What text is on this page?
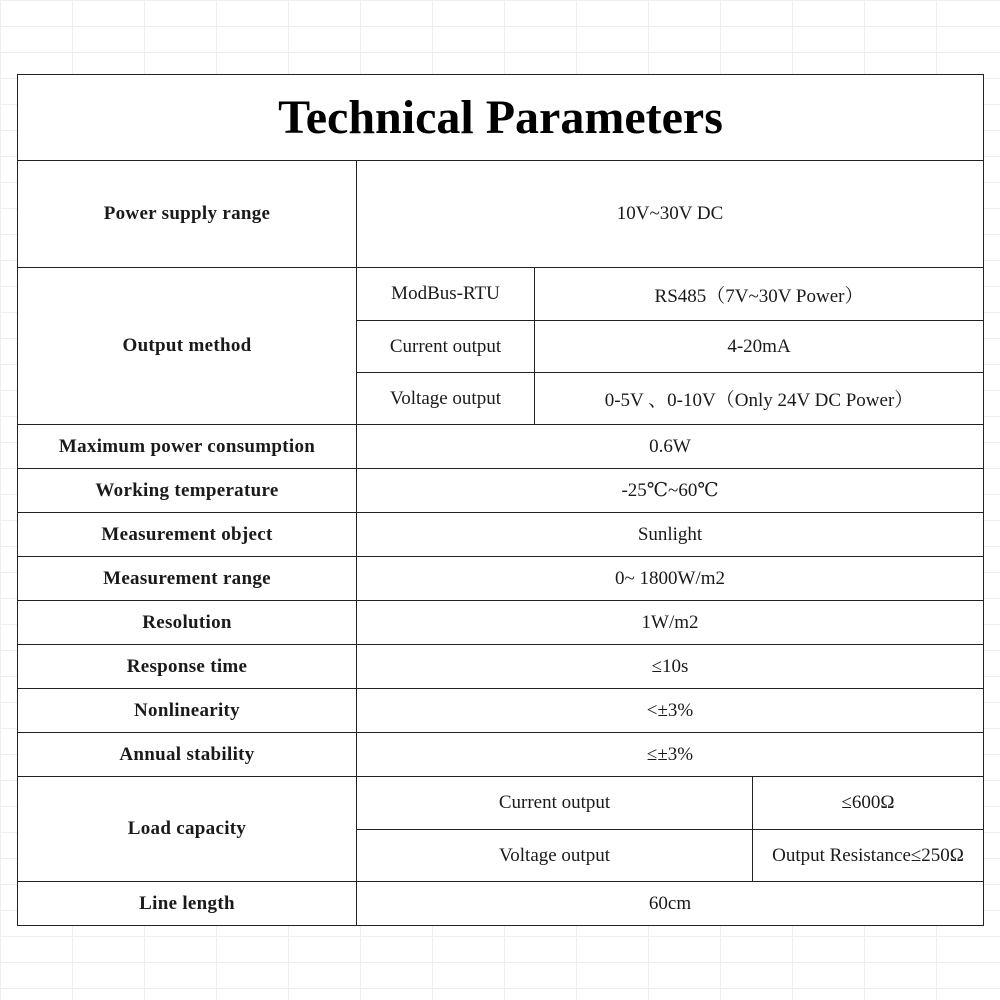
Technical Parameters			
Power supply range	10V~30V DC		
Output method	ModBus-RTU	RS485（7V~30V Power）	
	Current output	4-20mA	
	Voltage output	0-5V 、0-10V（Only 24V DC Power）	
Maximum power consumption	0.6W		
Working temperature	-25℃~60℃		
Measurement object	Sunlight		
Measurement range	0~ 1800W/m2		
Resolution	1W/m2		
Response time	≤10s		
Nonlinearity	<±3%		
Annual stability	≤±3%		
Load capacity	Current output		≤600Ω
	Voltage output		Output Resistance≤250Ω
Line length	60cm		
